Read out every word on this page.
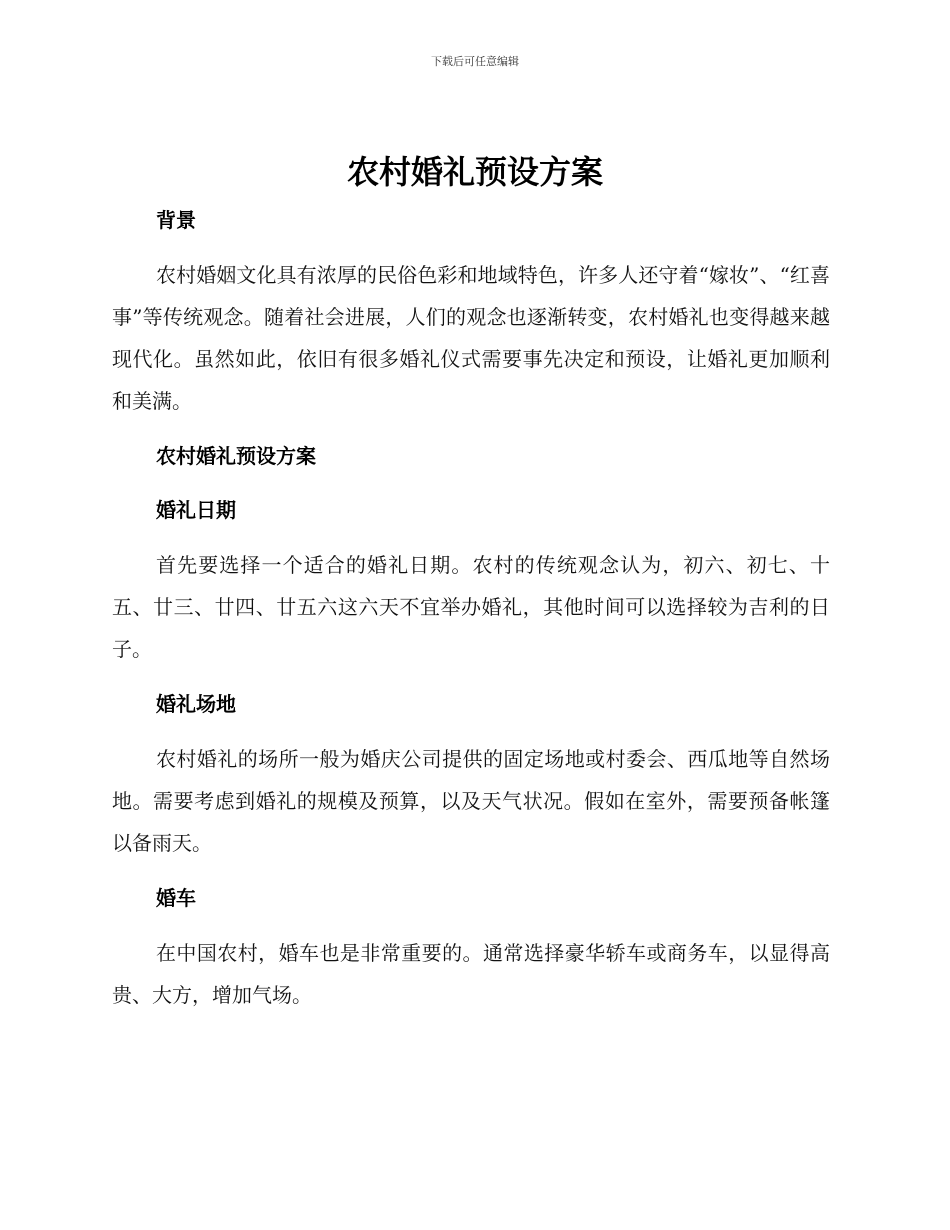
下载后可任意编辑
农村婚礼预设方案
背景

农村婚姻文化具有浓厚的民俗色彩和地域特色，许多人还守着“嫁妆”、“红喜事”等传统观念。随着社会进展，人们的观念也逐渐转变，农村婚礼也变得越来越现代化。虽然如此，依旧有很多婚礼仪式需要事先决定和预设，让婚礼更加顺利和美满。

农村婚礼预设方案
婚礼日期

首先要选择一个适合的婚礼日期。农村的传统观念认为，初六、初七、十五、廿三、廿四、廿五六这六天不宜举办婚礼，其他时间可以选择较为吉利的日子。

婚礼场地

农村婚礼的场所一般为婚庆公司提供的固定场地或村委会、西瓜地等自然场地。需要考虑到婚礼的规模及预算，以及天气状况。假如在室外，需要预备帐篷以备雨天。

婚车

在中国农村，婚车也是非常重要的。通常选择豪华轿车或商务车，以显得高贵、大方，增加气场。
